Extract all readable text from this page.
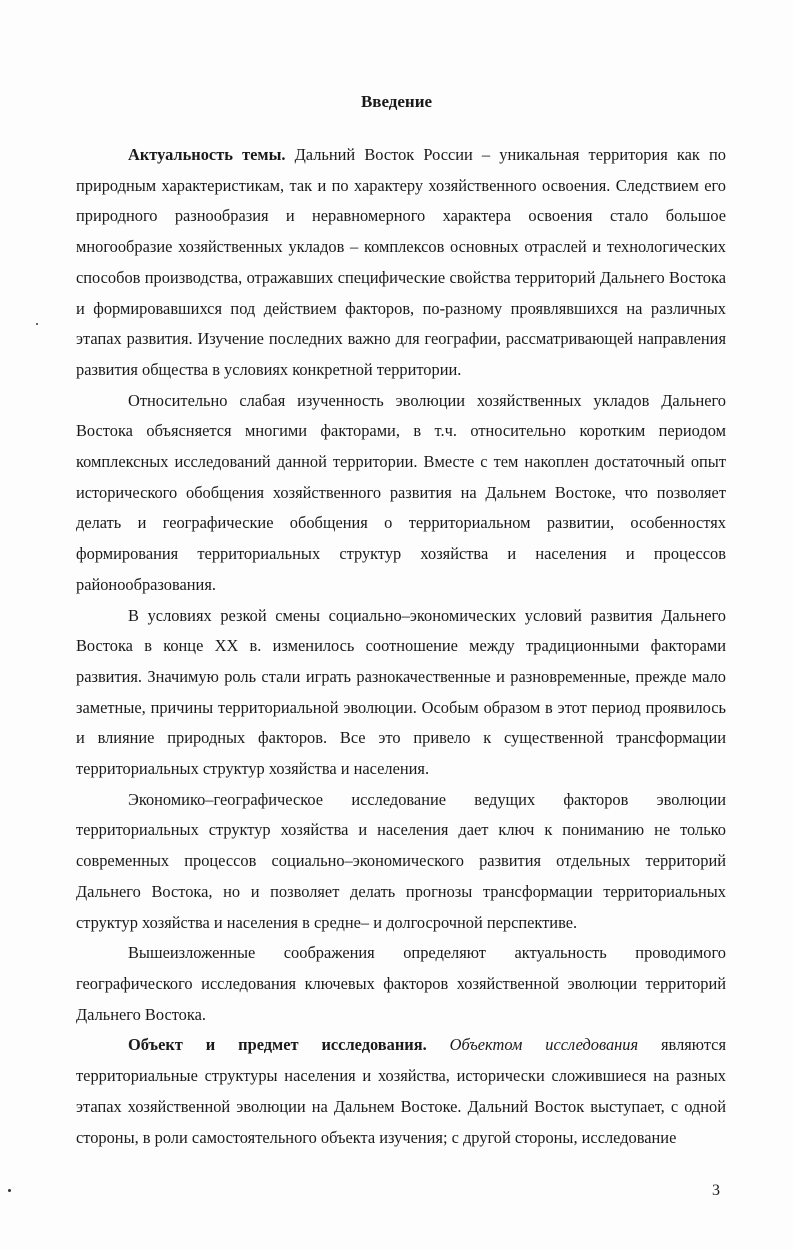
Введение

Актуальность темы. Дальний Восток России – уникальная территория как по природным характеристикам, так и по характеру хозяйственного освоения. Следствием его природного разнообразия и неравномерного характера освоения стало большое многообразие хозяйственных укладов – комплексов основных отраслей и технологических способов производства, отражавших специфические свойства территорий Дальнего Востока и формировавшихся под действием факторов, по-разному проявлявшихся на различных этапах развития. Изучение последних важно для географии, рассматривающей направления развития общества в условиях конкретной территории.

Относительно слабая изученность эволюции хозяйственных укладов Дальнего Востока объясняется многими факторами, в т.ч. относительно коротким периодом комплексных исследований данной территории. Вместе с тем накоплен достаточный опыт исторического обобщения хозяйственного развития на Дальнем Востоке, что позволяет делать и географические обобщения о территориальном развитии, особенностях формирования территориальных структур хозяйства и населения и процессов районообразования.

В условиях резкой смены социально–экономических условий развития Дальнего Востока в конце XX в. изменилось соотношение между традиционными факторами развития. Значимую роль стали играть разнокачественные и разновременные, прежде мало заметные, причины территориальной эволюции. Особым образом в этот период проявилось и влияние природных факторов. Все это привело к существенной трансформации территориальных структур хозяйства и населения.

Экономико–географическое исследование ведущих факторов эволюции территориальных структур хозяйства и населения дает ключ к пониманию не только современных процессов социально–экономического развития отдельных территорий Дальнего Востока, но и позволяет делать прогнозы трансформации территориальных структур хозяйства и населения в средне– и долгосрочной перспективе.

Вышеизложенные соображения определяют актуальность проводимого географического исследования ключевых факторов хозяйственной эволюции территорий Дальнего Востока.

Объект и предмет исследования. Объектом исследования являются территориальные структуры населения и хозяйства, исторически сложившиеся на разных этапах хозяйственной эволюции на Дальнем Востоке. Дальний Восток выступает, с одной стороны, в роли самостоятельного объекта изучения; с другой стороны, исследование

3
